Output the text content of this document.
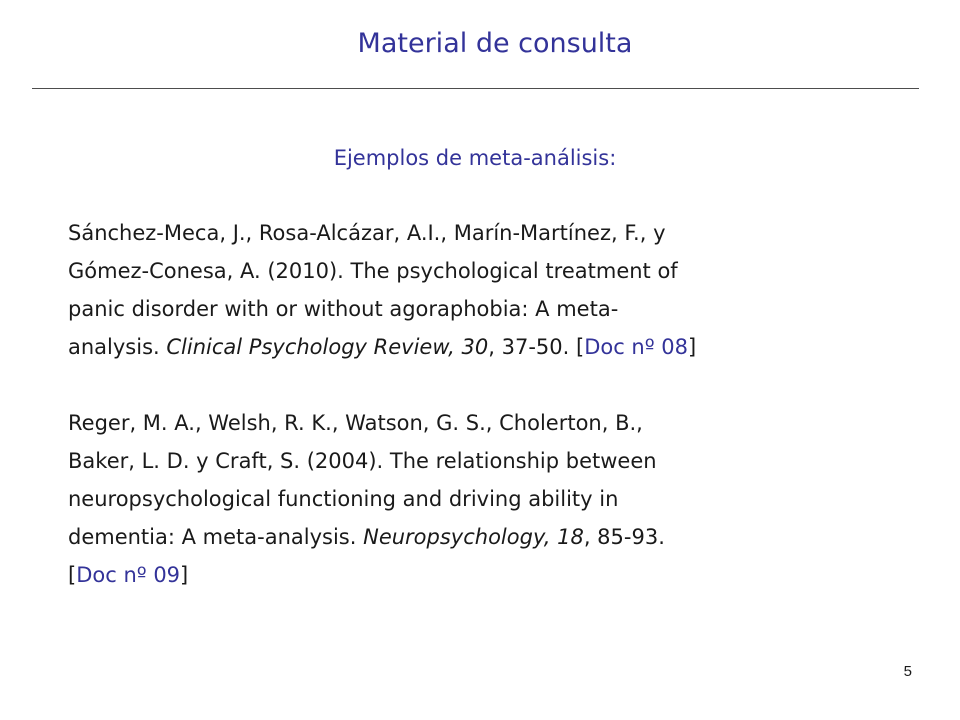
Material de consulta
Ejemplos de meta-análisis:

Sánchez-Meca, J., Rosa-Alcázar, A.I., Marín-Martínez, F., y
Gómez-Conesa, A. (2010). The psychological treatment of
panic disorder with or without agoraphobia: A meta-
analysis. Clinical Psychology Review, 30, 37-50. [Doc nº 08]

Reger, M. A., Welsh, R. K., Watson, G. S., Cholerton, B.,
Baker, L. D. y Craft, S. (2004). The relationship between
neuropsychological functioning and driving ability in
dementia: A meta-analysis. Neuropsychology, 18, 85-93.
[Doc nº 09]

5
